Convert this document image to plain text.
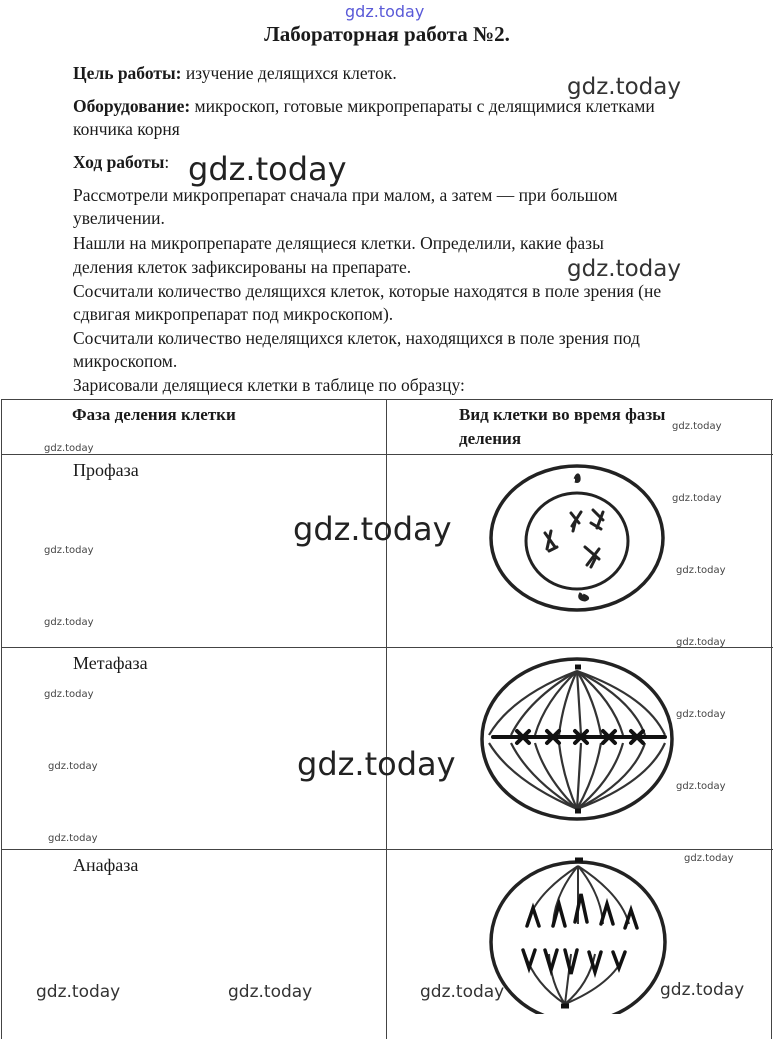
gdz.today
gdz.today
gdz.today
gdz.today
Лабораторная работа №2.
Цель работы: изучение делящихся клеток.
Оборудование: микроскоп, готовые микропрепараты с делящимися клетками
кончика корня
Ход работы:
Рассмотрели микропрепарат сначала при малом, а затем — при большом
увеличении.
Нашли на микропрепарате делящиеся клетки. Определили, какие фазы
деления клеток зафиксированы на препарате.
Сосчитали количество делящихся клеток, которые находятся в поле зрения (не
сдвигая микропрепарат под микроскопом).
Сосчитали количество неделящихся клеток, находящихся в поле зрения под
микроскопом.
Зарисовали делящиеся клетки в таблице по образцу:
Фаза деления клетки	Вид клетки во время фазы
деления
Профаза
Метафаза
Анафаза
gdz.today
gdz.today
gdz.today
gdz.today
gdz.today
gdz.today
gdz.today
gdz.today
gdz.today
gdz.today
gdz.today
gdz.today
gdz.today
gdz.today
gdz.today
gdz.today	gdz.today	gdz.today	gdz.today
